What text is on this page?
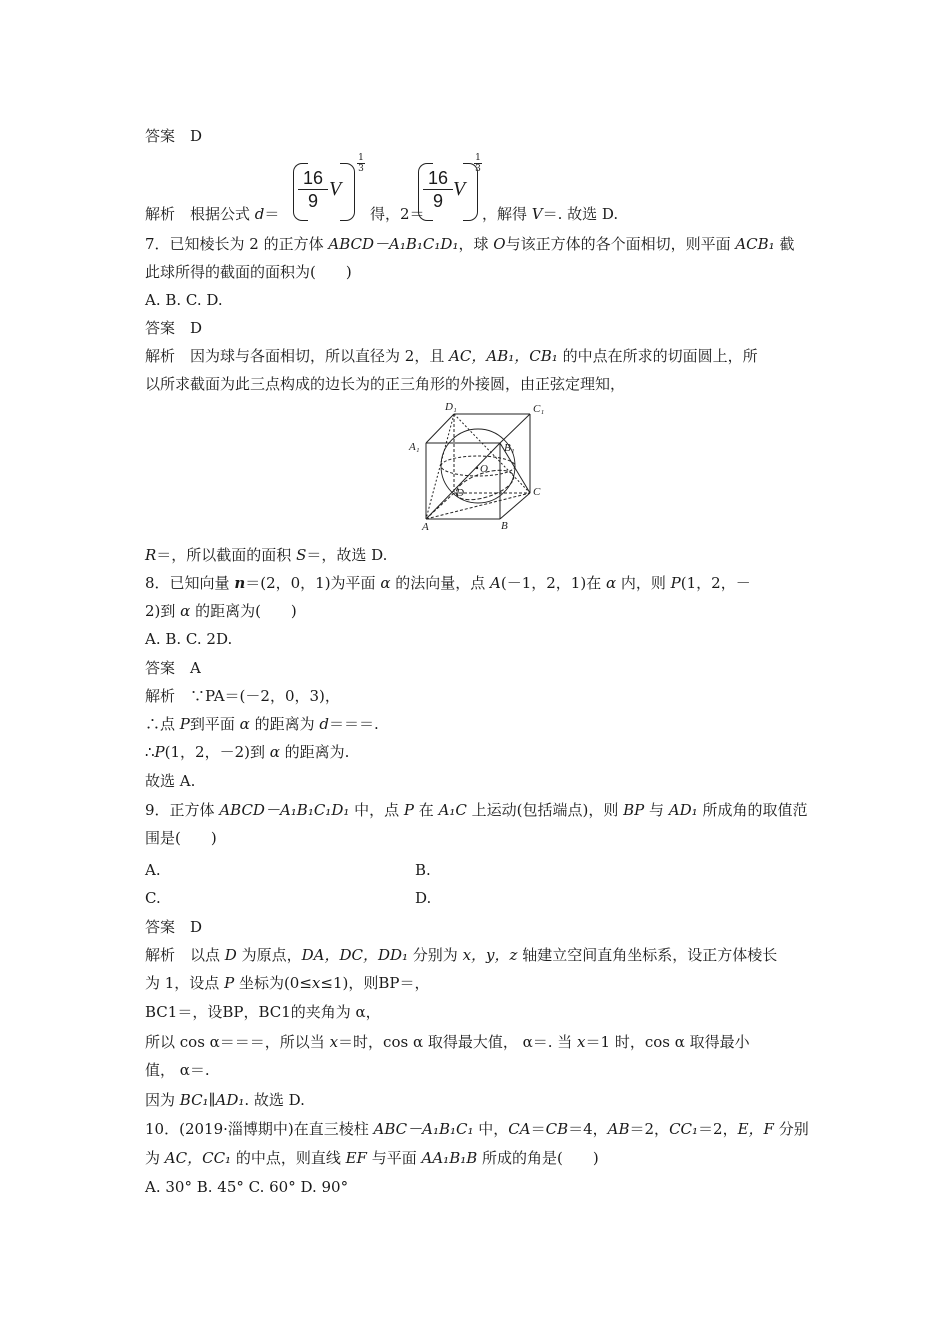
答案　D
解析　根据公式 d＝
$\frac{16}{9}$ V
1
3
得，2＝
$\frac{16}{9}$ V
1
3
，解得 V＝. 故选 D.
7．已知棱长为 2 的正方体 ABCD－A₁B₁C₁D₁，球 O与该正方体的各个面相切，则平面 ACB₁ 截
此球所得的截面的面积为(　　)
A. B. C. D.
答案　D
解析　因为球与各面相切，所以直径为 2，且 AC，AB₁，CB₁ 的中点在所求的切面圆上，所
以所求截面为此三点构成的边长为的正三角形的外接圆，由正弦定理知，
D₁	C₁
A₁	B₁
O
D	C
A	B
R＝，所以截面的面积 S＝，故选 D.
8．已知向量 n＝(2，0，1)为平面 α 的法向量，点 A(－1，2，1)在 α 内，则 P(1，2，－
2)到 α 的距离为(　　)
A. B. C. 2D.
答案　A
解析　∵PA＝(－2，0，3)，
∴点 P到平面 α 的距离为 d＝＝＝.
∴P(1，2，－2)到 α 的距离为.
故选 A.
9．正方体 ABCD－A₁B₁C₁D₁ 中，点 P 在 A₁C 上运动(包括端点)，则 BP 与 AD₁ 所成角的取值范
围是(　　)
A.	B.
C.	D.
答案　D
解析　以点 D 为原点，DA，DC，DD₁ 分别为 x，y，z 轴建立空间直角坐标系，设正方体棱长
为 1，设点 P 坐标为(0≤x≤1)，则BP＝，
BC1＝，设BP，BC1的夹角为 α，
所以 cos α＝＝＝，所以当 x＝时，cos α 取得最大值， α＝. 当 x＝1 时，cos α 取得最小
值， α＝.
因为 BC₁∥AD₁. 故选 D.
10．(2019·淄博期中)在直三棱柱 ABC－A₁B₁C₁ 中，CA＝CB＝4，AB＝2，CC₁＝2，E，F 分别
为 AC，CC₁ 的中点，则直线 EF 与平面 AA₁B₁B 所成的角是(　　)
A. 30° B. 45° C. 60° D. 90°
